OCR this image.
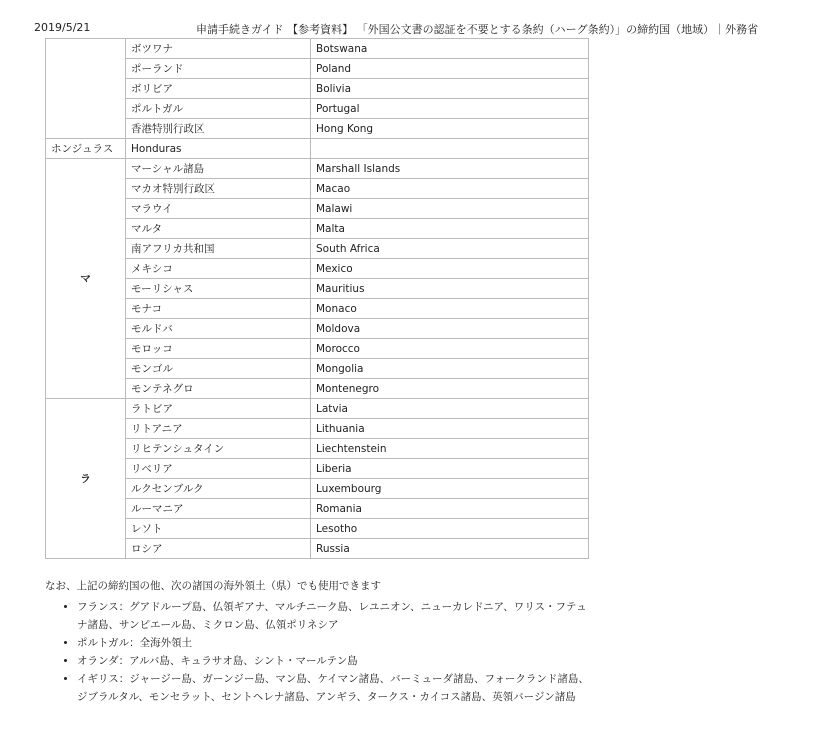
2019/5/21	申請手続きガイド 【参考資料】 「外国公文書の認証を不要とする条約（ハーグ条約）」の締約国（地域）｜外務省
	ボツワナ	Botswana
	ポーランド	Poland
	ボリビア	Bolivia
	ポルトガル	Portugal
	香港特別行政区	Hong Kong
ホンジュラス	Honduras	
マ	マーシャル諸島	Marshall Islands
	マカオ特別行政区	Macao
	マラウイ	Malawi
	マルタ	Malta
	南アフリカ共和国	South Africa
	メキシコ	Mexico
	モーリシャス	Mauritius
	モナコ	Monaco
	モルドバ	Moldova
	モロッコ	Morocco
	モンゴル	Mongolia
	モンテネグロ	Montenegro
ラ	ラトビア	Latvia
	リトアニア	Lithuania
	リヒテンシュタイン	Liechtenstein
	リベリア	Liberia
	ルクセンブルク	Luxembourg
	ルーマニア	Romania
	レソト	Lesotho
	ロシア	Russia
なお、上記の締約国の他、次の諸国の海外領土（県）でも使用できます
• フランス：グアドループ島、仏領ギアナ、マルチニーク島、レユニオン、ニューカレドニア、ワリス・フテュナ諸島、サンピエール島、ミクロン島、仏領ポリネシア
• ポルトガル：全海外領土
• オランダ：アルバ島、キュラサオ島、シント・マールテン島
• イギリス：ジャージー島、ガーンジー島、マン島、ケイマン諸島、バーミューダ諸島、フォークランド諸島、ジブラルタル、モンセラット、セントヘレナ諸島、アンギラ、タークス・カイコス諸島、英領バージン諸島
